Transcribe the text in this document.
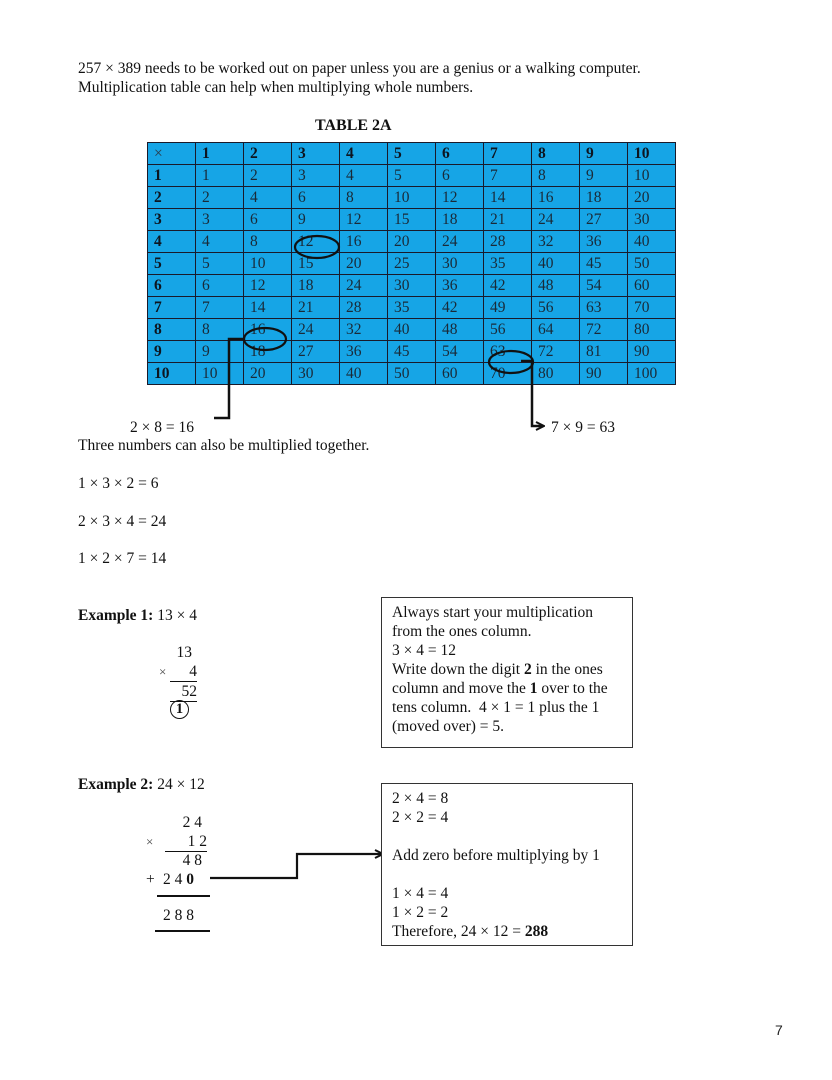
257 × 389 needs to be worked out on paper unless you are a genius or a walking computer.
Multiplication table can help when multiplying whole numbers.
TABLE 2A
×	1	2	3	4	5	6	7	8	9	10
1	1	2	3	4	5	6	7	8	9	10
2	2	4	6	8	10	12	14	16	18	20
3	3	6	9	12	15	18	21	24	27	30
4	4	8	12	16	20	24	28	32	36	40
5	5	10	15	20	25	30	35	40	45	50
6	6	12	18	24	30	36	42	48	54	60
7	7	14	21	28	35	42	49	56	63	70
8	8	16	24	32	40	48	56	64	72	80
9	9	18	27	36	45	54	63	72	81	90
10	10	20	30	40	50	60	70	80	90	100
2 × 8 = 16	7 × 9 = 63
Three numbers can also be multiplied together.
1 × 3 × 2 = 6
2 × 3 × 4 = 24
1 × 2 × 7 = 14
Example 1: 13 × 4
13
×	4
52
1
Always start your multiplication
from the ones column.
3 × 4 = 12
Write down the digit 2 in the ones
column and move the 1 over to the
tens column.  4 × 1 = 1 plus the 1
(moved over) = 5.
Example 2: 24 × 12
2 4
×	1 2
4 8
+ 2 4 0
2 8 8
2 × 4 = 8
2 × 2 = 4
Add zero before multiplying by 1
1 × 4 = 4
1 × 2 = 2
Therefore, 24 × 12 = 288
7
